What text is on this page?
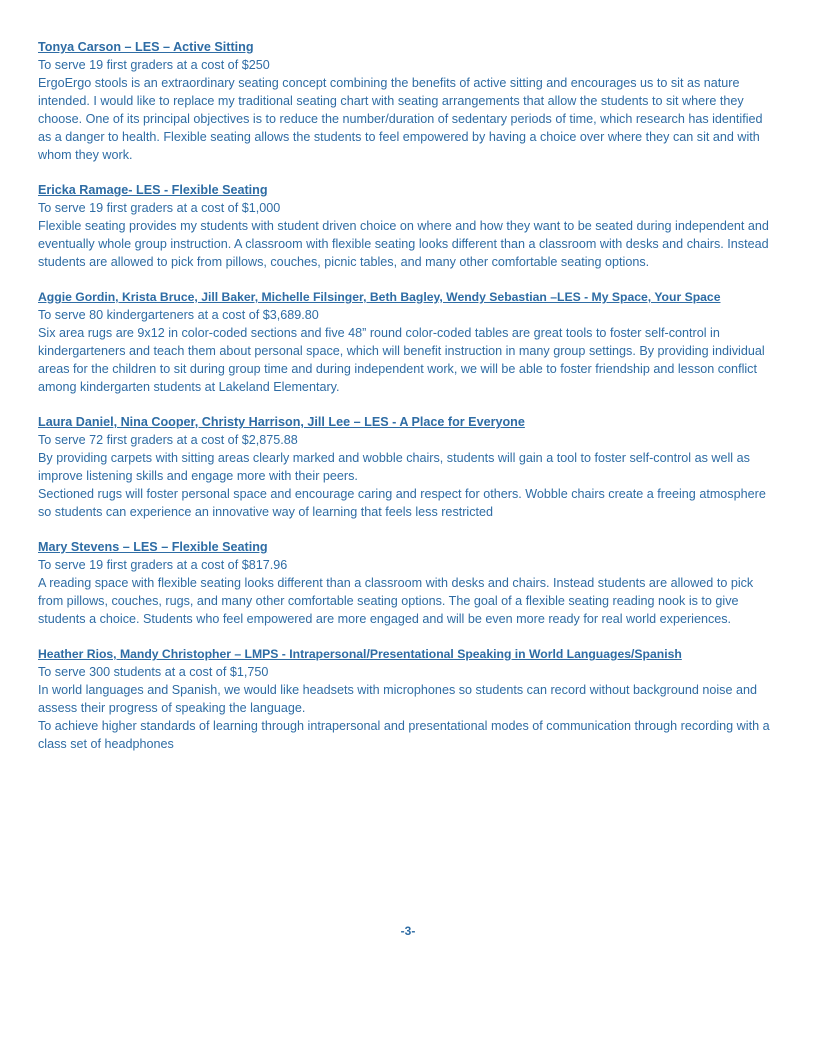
Tonya Carson – LES – Active Sitting
To serve 19 first graders at a cost of $250
ErgoErgo stools is an extraordinary seating concept combining the benefits of active sitting and encourages us to sit as nature intended. I would like to replace my traditional seating chart with seating arrangements that allow the students to sit where they choose. One of its principal objectives is to reduce the number/duration of sedentary periods of time, which research has identified as a danger to health. Flexible seating allows the students to feel empowered by having a choice over where they can sit and with whom they work.
Ericka Ramage- LES - Flexible Seating
To serve 19 first graders at a cost of $1,000
Flexible seating provides my students with student driven choice on where and how they want to be seated during independent and eventually whole group instruction. A classroom with flexible seating looks different than a classroom with desks and chairs. Instead students are allowed to pick from pillows, couches, picnic tables, and many other comfortable seating options.
Aggie Gordin, Krista Bruce, Jill Baker, Michelle Filsinger, Beth Bagley, Wendy Sebastian –LES - My Space, Your Space
To serve 80 kindergarteners at a cost of $3,689.80
Six area rugs are 9x12 in color-coded sections and five 48” round color-coded tables are great tools to foster self-control in kindergarteners and teach them about personal space, which will benefit instruction in many group settings. By providing individual areas for the children to sit during group time and during independent work, we will be able to foster friendship and lesson conflict among kindergarten students at Lakeland Elementary.
Laura Daniel, Nina Cooper, Christy Harrison, Jill Lee – LES - A Place for Everyone
To serve 72 first graders at a cost of $2,875.88
By providing carpets with sitting areas clearly marked and wobble chairs, students will gain a tool to foster self-control as well as improve listening skills and engage more with their peers.
Sectioned rugs will foster personal space and encourage caring and respect for others. Wobble chairs create a freeing atmosphere so students can experience an innovative way of learning that feels less restricted
Mary Stevens – LES – Flexible Seating
To serve 19 first graders at a cost of $817.96
A reading space with flexible seating looks different than a classroom with desks and chairs. Instead students are allowed to pick from pillows, couches, rugs, and many other comfortable seating options. The goal of a flexible seating reading nook is to give students a choice. Students who feel empowered are more engaged and will be even more ready for real world experiences.
Heather Rios, Mandy Christopher – LMPS - Intrapersonal/Presentational Speaking in World Languages/Spanish
To serve 300 students at a cost of $1,750
In world languages and Spanish, we would like headsets with microphones so students can record without background noise and assess their progress of speaking the language.
To achieve higher standards of learning through intrapersonal and presentational modes of communication through recording with a class set of headphones
-3-
